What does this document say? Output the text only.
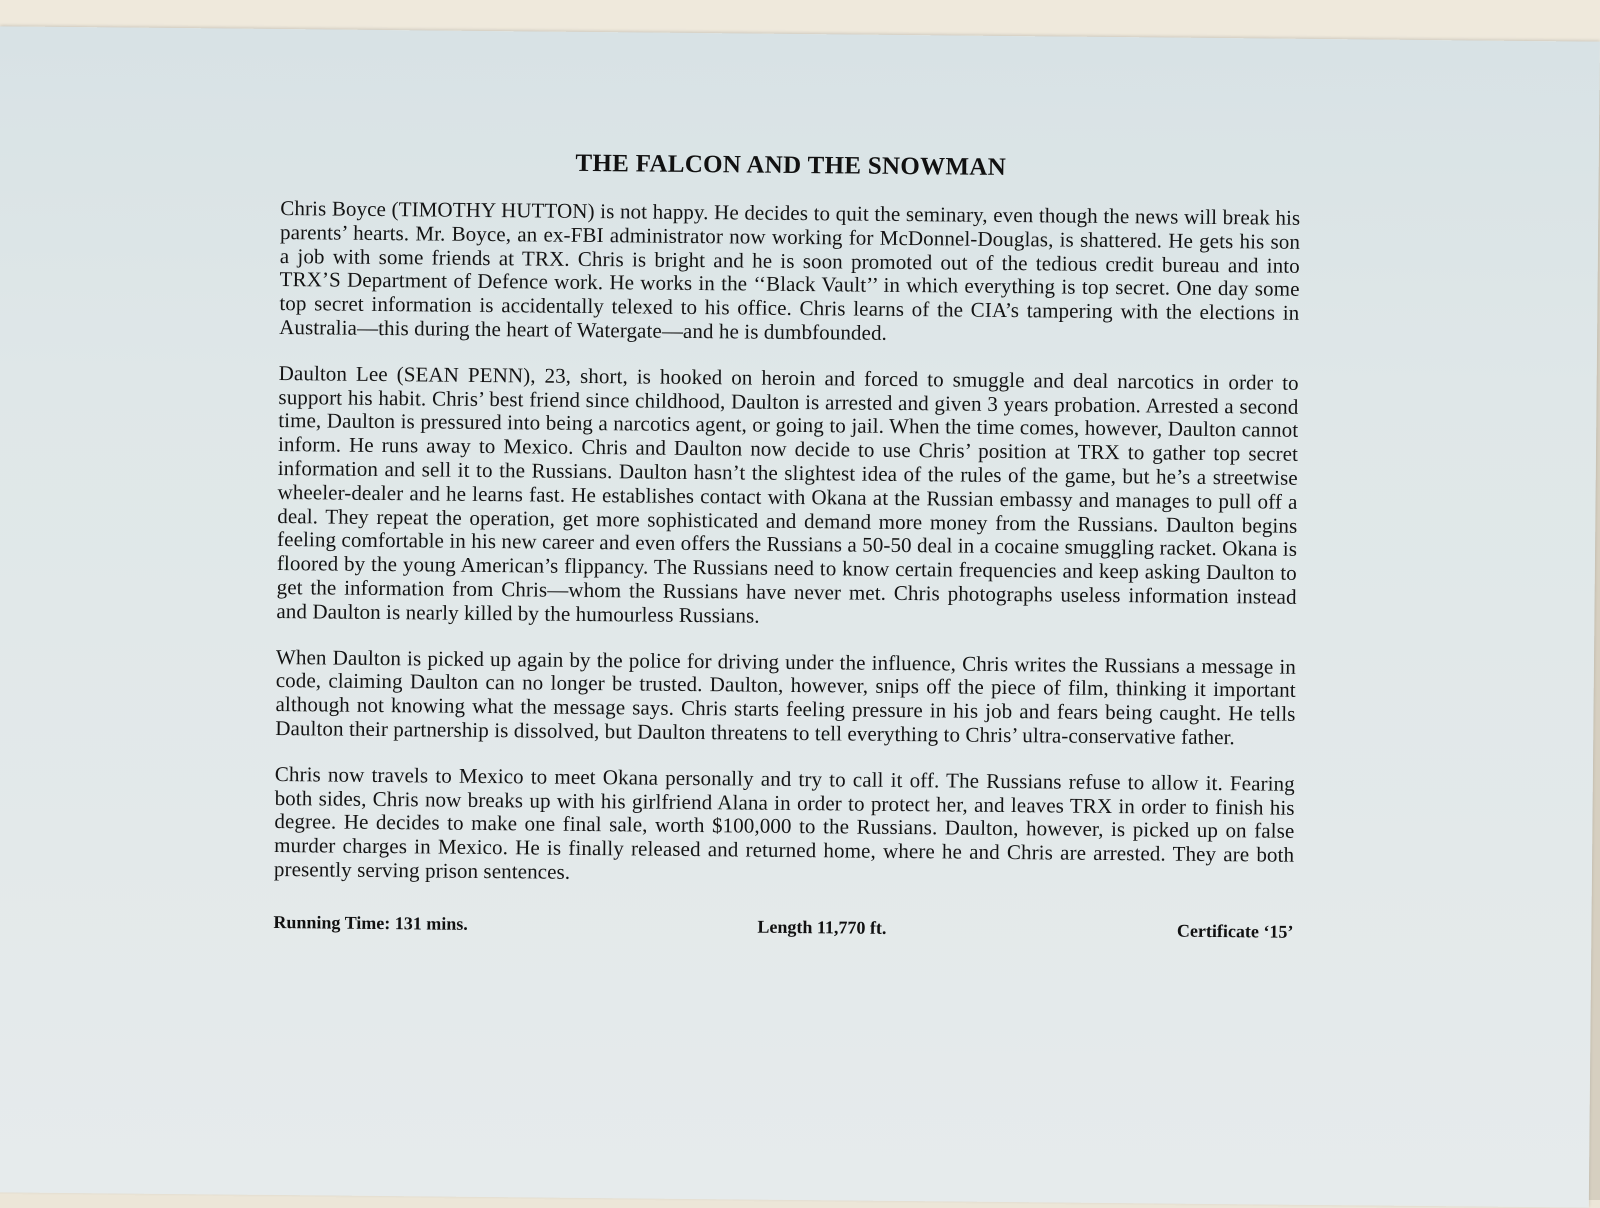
THE FALCON AND THE SNOWMAN

Chris Boyce (TIMOTHY HUTTON) is not happy. He decides to quit the seminary, even though the news will break his parents’ hearts. Mr. Boyce, an ex-FBI administrator now working for McDonnel-Douglas, is shattered. He gets his son a job with some friends at TRX. Chris is bright and he is soon promoted out of the tedious credit bureau and into TRX’S Department of Defence work. He works in the ‘‘Black Vault’’ in which everything is top secret. One day some top secret information is accidentally telexed to his office. Chris learns of the CIA’s tampering with the elections in Australia—this during the heart of Watergate—and he is dumbfounded.

Daulton Lee (SEAN PENN), 23, short, is hooked on heroin and forced to smuggle and deal narcotics in order to support his habit. Chris’ best friend since childhood, Daulton is arrested and given 3 years probation. Arrested a second time, Daulton is pressured into being a narcotics agent, or going to jail. When the time comes, however, Daulton cannot inform. He runs away to Mexico. Chris and Daulton now decide to use Chris’ position at TRX to gather top secret information and sell it to the Russians. Daulton hasn’t the slightest idea of the rules of the game, but he’s a streetwise wheeler-dealer and he learns fast. He establishes contact with Okana at the Russian embassy and manages to pull off a deal. They repeat the operation, get more sophisticated and demand more money from the Russians. Daulton begins feeling comfortable in his new career and even offers the Russians a 50-50 deal in a cocaine smuggling racket. Okana is floored by the young American’s flippancy. The Russians need to know certain frequencies and keep asking Daulton to get the information from Chris—whom the Russians have never met. Chris photographs useless information instead and Daulton is nearly killed by the humourless Russians.

When Daulton is picked up again by the police for driving under the influence, Chris writes the Russians a message in code, claiming Daulton can no longer be trusted. Daulton, however, snips off the piece of film, thinking it important although not knowing what the message says. Chris starts feeling pressure in his job and fears being caught. He tells Daulton their partnership is dissolved, but Daulton threatens to tell everything to Chris’ ultra-conservative father.

Chris now travels to Mexico to meet Okana personally and try to call it off. The Russians refuse to allow it. Fearing both sides, Chris now breaks up with his girlfriend Alana in order to protect her, and leaves TRX in order to finish his degree. He decides to make one final sale, worth $100,000 to the Russians. Daulton, however, is picked up on false murder charges in Mexico. He is finally released and returned home, where he and Chris are arrested. They are both presently serving prison sentences.

Running Time: 131 mins.	Length 11,770 ft.	Certificate ‘15’
